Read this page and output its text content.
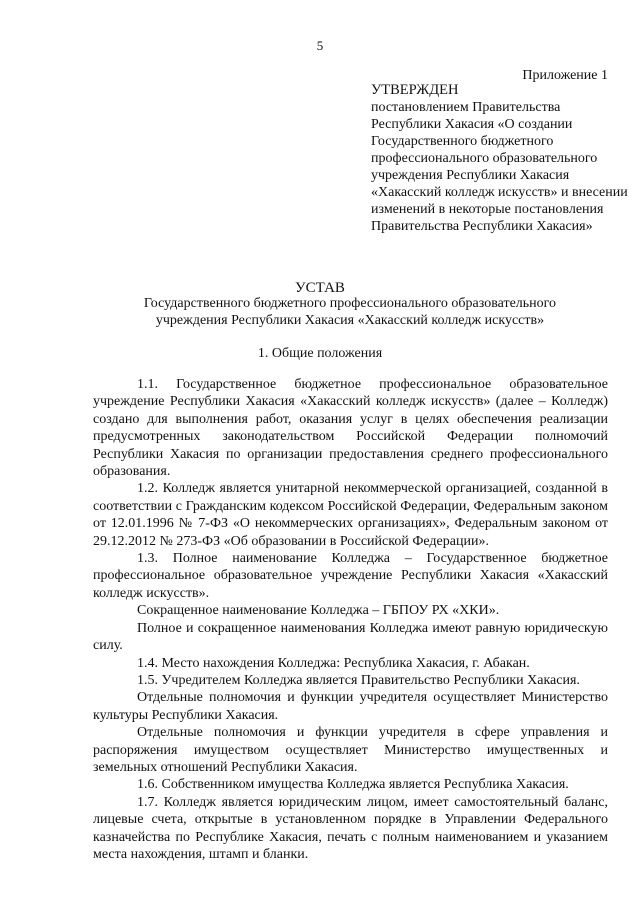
5
Приложение 1
УТВЕРЖДЕН
постановлением Правительства Республики Хакасия «О создании Государственного бюджетного профессионального образовательного учреждения Республики Хакасия «Хакасский колледж искусств» и внесении изменений в некоторые постановления Правительства Республики Хакасия»
УСТАВ
Государственного бюджетного профессионального образовательного учреждения Республики Хакасия «Хакасский колледж искусств»
1. Общие положения

1.1. Государственное бюджетное профессиональное образовательное учреждение Республики Хакасия «Хакасский колледж искусств» (далее – Колледж) создано для выполнения работ, оказания услуг в целях обеспечения реализации предусмотренных законодательством Российской Федерации полномочий Республики Хакасия по организации предоставления среднего профессионального образования.

1.2. Колледж является унитарной некоммерческой организацией, созданной в соответствии с Гражданским кодексом Российской Федерации, Федеральным законом от 12.01.1996 № 7-ФЗ «О некоммерческих организациях», Федеральным законом от 29.12.2012 № 273-ФЗ «Об образовании в Российской Федерации».

1.3. Полное наименование Колледжа – Государственное бюджетное профессиональное образовательное учреждение Республики Хакасия «Хакасский колледж искусств».

Сокращенное наименование Колледжа – ГБПОУ РХ «ХКИ».

Полное и сокращенное наименования Колледжа имеют равную юридическую силу.

1.4. Место нахождения Колледжа: Республика Хакасия, г. Абакан.

1.5. Учредителем Колледжа является Правительство Республики Хакасия.

Отдельные полномочия и функции учредителя осуществляет Министерство культуры Республики Хакасия.

Отдельные полномочия и функции учредителя в сфере управления и распоряжения имуществом осуществляет Министерство имущественных и земельных отношений Республики Хакасия.

1.6. Собственником имущества Колледжа является Республика Хакасия.

1.7. Колледж является юридическим лицом, имеет самостоятельный баланс, лицевые счета, открытые в установленном порядке в Управлении Федерального казначейства по Республике Хакасия, печать с полным наименованием и указанием места нахождения, штамп и бланки.
